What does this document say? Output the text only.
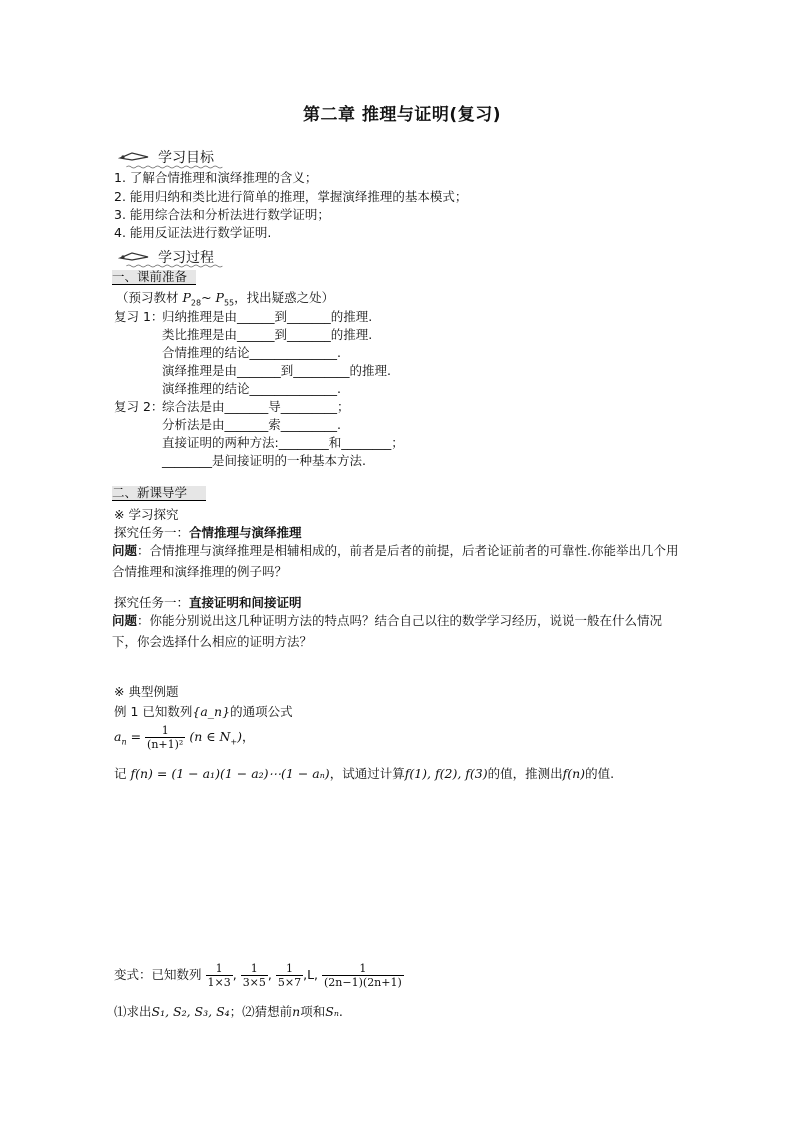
第二章 推理与证明(复习)
学习目标
1. 了解合情推理和演绎推理的含义；
2. 能用归纳和类比进行简单的推理，掌握演绎推理的基本模式；
3. 能用综合法和分析法进行数学证明；
4. 能用反证法进行数学证明.
学习过程
一、课前准备
（预习教材 $P_{28}\sim$ $P_{55}$，找出疑惑之处）
复习 1：
归纳推理是由______到_______的推理.
类比推理是由______到_______的推理.
合情推理的结论______________.
演绎推理是由_______到_________的推理.
演绎推理的结论______________.
复习 2：
综合法是由_______导_________；
分析法是由_______索_________.
直接证明的两种方法:________和________；
________是间接证明的一种基本方法.
二、新课导学
※ 学习探究
探究任务一：合情推理与演绎推理
问题：合情推理与演绎推理是相辅相成的，前者是后者的前提，后者论证前者的可靠性.你能举出几个用合情推理和演绎推理的例子吗？
探究任务一：直接证明和间接证明
问题：你能分别说出这几种证明方法的特点吗？结合自己以往的数学学习经历，说说一般在什么情况下，你会选择什么相应的证明方法？
※ 典型例题
例 1 已知数列{a_n}的通项公式
$a_n = \frac{1}{\text{(n+1)²}} (n$ ∈ $N_+$)，
记 f(n) = (1 − a₁)(1 − a₂)⋯(1 − aₙ)，试通过计算f(1), f(2), f(3)的值，推测出f(n)的值.
变式：已知数列 $\frac{1}{1\times 3}$ , $\frac{1}{3\times 5}$ , $\frac{1}{5\times 7} ,L$, $\frac{1}{(2n-1)(2n+1)}$
⑴求出S₁, S₂, S₃, S₄；⑵猜想前n项和Sₙ.
